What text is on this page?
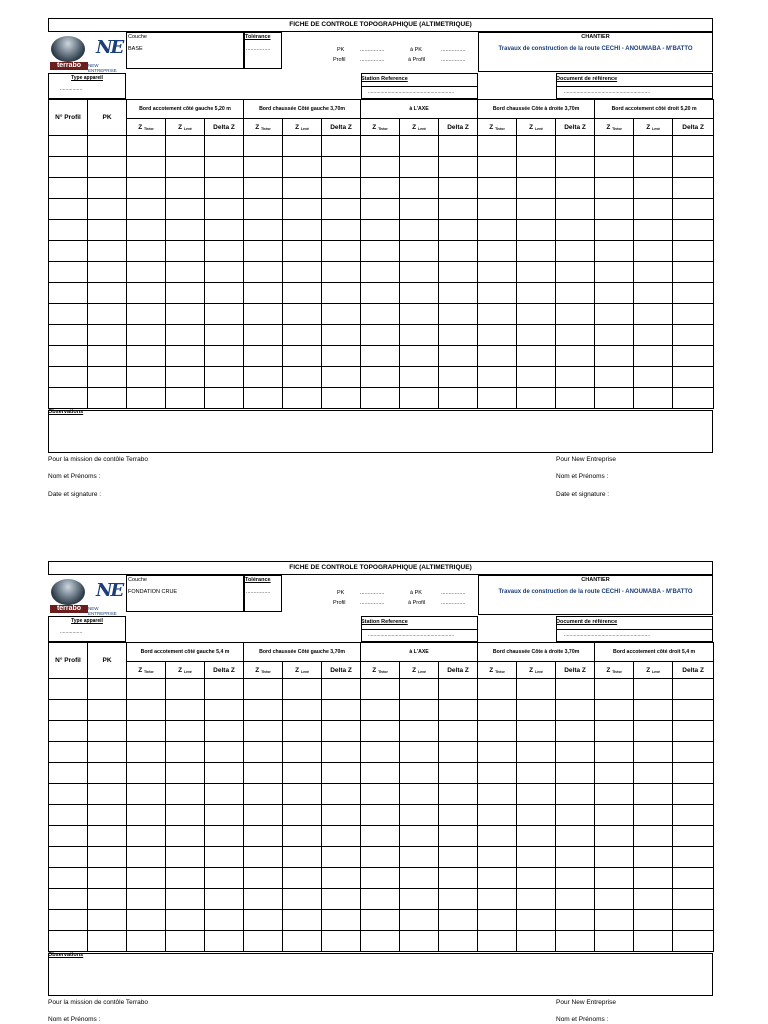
FICHE DE CONTROLE TOPOGRAPHIQUE (ALTIMETRIQUE)
terrabo
NE
NEW ENTREPRISE
Couche
BASE
Tolérance
................	PK	................	à PK	................
Profil	................	à Profil	................
CHANTIER
Travaux de construction de la route CECHI - ANOUMABA - M'BATTO
Type appareil
................
Station Reference
..............................................................
Document de référence
..............................................................
N° Profil	PK	Bord accotement côté gauche 5,20 m			Bord chaussée Côté gauche 3,70m			à L'AXE			Bord chaussée Côte à droite 3,70m			Bord accotement côté droit 5,20 m		
		Z $_{Théor}$	Z $_{Levé}$	Delta Z	Z $_{Théor}$	Z $_{Levé}$	Delta Z	Z $_{Théor}$	Z $_{Levé}$	Delta Z	Z $_{Théor}$	Z $_{Levé}$	Delta Z	Z $_{Théor}$	Z $_{Levé}$	Delta Z

Observations
Pour la mission de contôle Terrabo	Pour New Entreprise
Nom et Prénoms :	Nom et Prénoms :
Date et signature :	Date et signature :
FICHE DE CONTROLE TOPOGRAPHIQUE (ALTIMETRIQUE)
terrabo
NE
NEW ENTREPRISE
Couche
FONDATION CRUE
Tolérance
................	PK	................	à PK	................
Profil	................	à Profil	................
CHANTIER
Travaux de construction de la route CECHI - ANOUMABA - M'BATTO
Type appareil
................
Station Reference
..............................................................
Document de référence
..............................................................
N° Profil	PK	Bord accotement côté gauche 5,4 m			Bord chaussée Côté gauche 3,70m			à L'AXE			Bord chaussée Côte à droite 3,70m			Bord accotement côté droit 5,4 m		
		Z $_{Théor}$	Z $_{Levé}$	Delta Z	Z $_{Théor}$	Z $_{Levé}$	Delta Z	Z $_{Théor}$	Z $_{Levé}$	Delta Z	Z $_{Théor}$	Z $_{Levé}$	Delta Z	Z $_{Théor}$	Z $_{Levé}$	Delta Z

Observations
Pour la mission de contôle Terrabo	Pour New Entreprise
Nom et Prénoms :	Nom et Prénoms :
